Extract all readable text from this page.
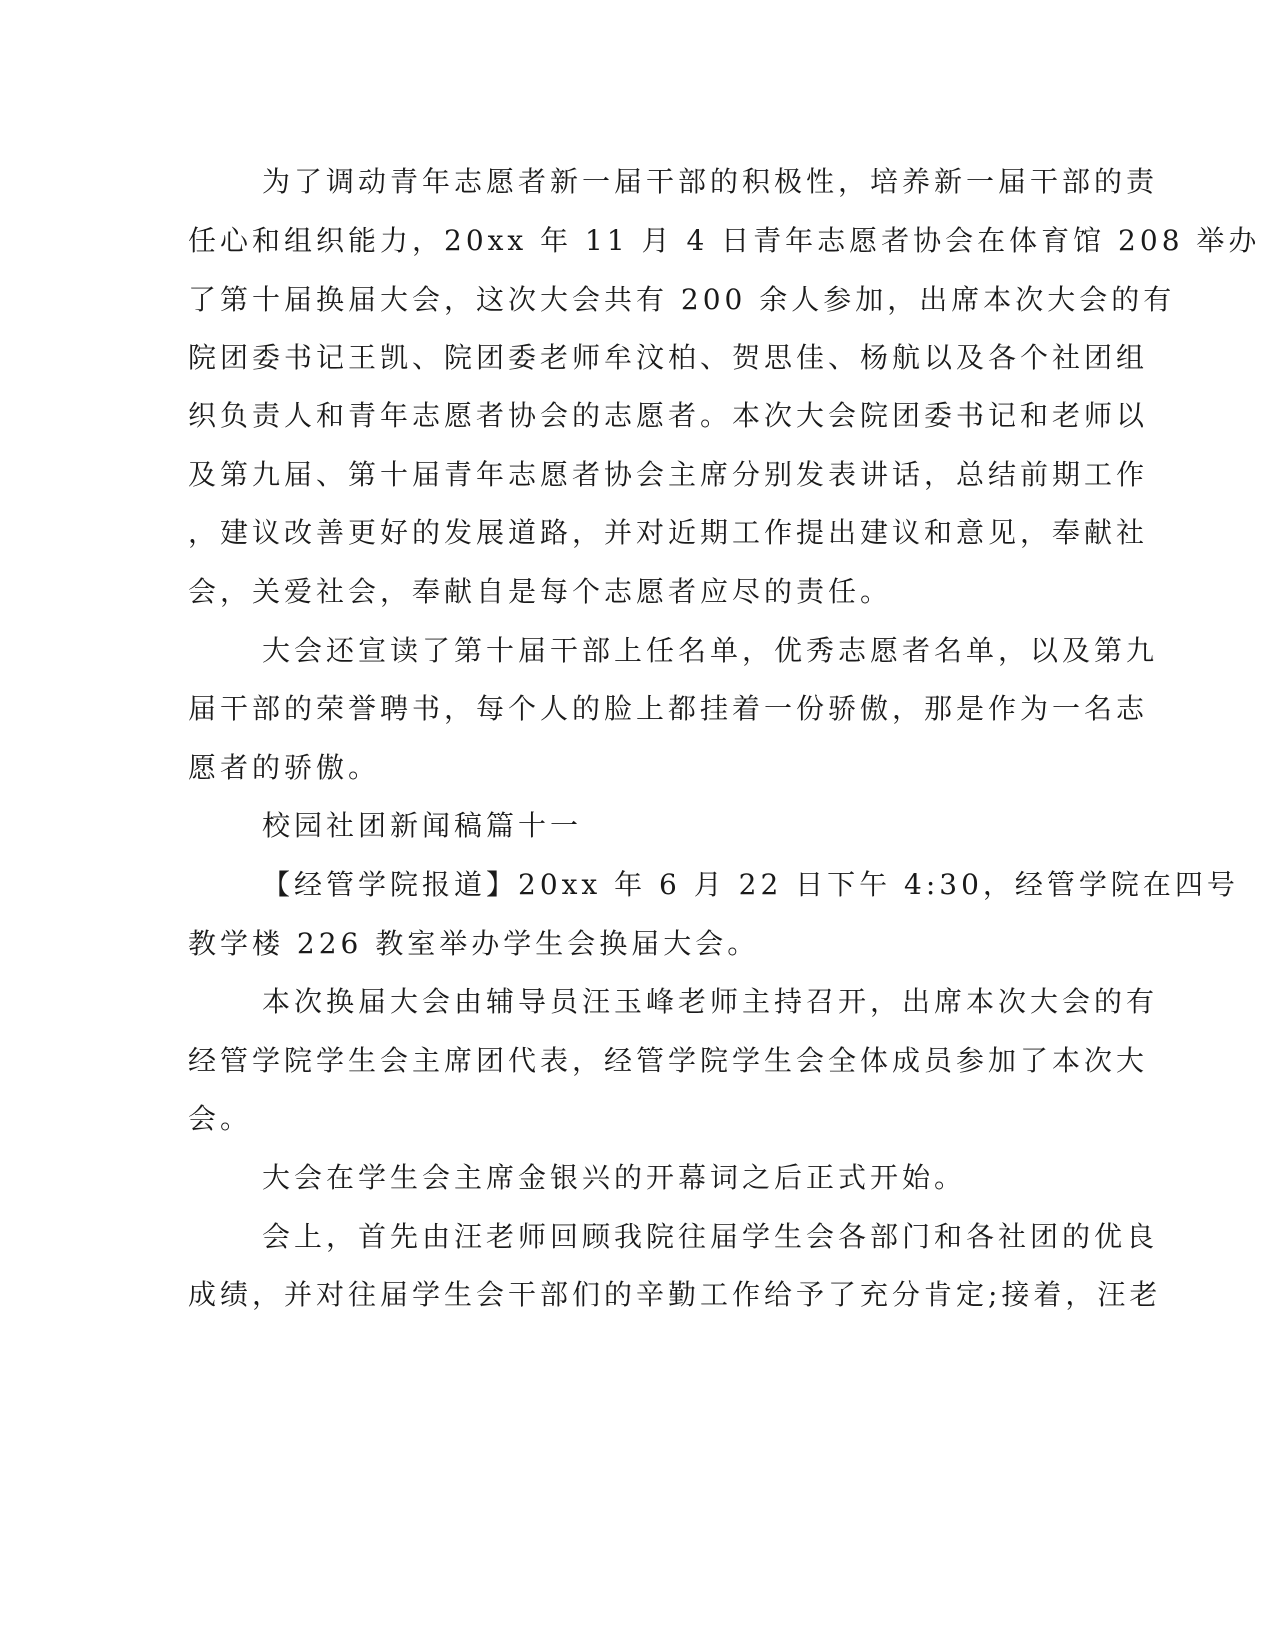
为了调动青年志愿者新一届干部的积极性，培养新一届干部的责
任心和组织能力，20xx 年 11 月 4 日青年志愿者协会在体育馆 208 举办
了第十届换届大会，这次大会共有 200 余人参加，出席本次大会的有
院团委书记王凯、院团委老师牟汶柏、贺思佳、杨航以及各个社团组
织负责人和青年志愿者协会的志愿者。本次大会院团委书记和老师以
及第九届、第十届青年志愿者协会主席分别发表讲话，总结前期工作
，建议改善更好的发展道路，并对近期工作提出建议和意见，奉献社
会，关爱社会，奉献自是每个志愿者应尽的责任。
大会还宣读了第十届干部上任名单，优秀志愿者名单，以及第九
届干部的荣誉聘书，每个人的脸上都挂着一份骄傲，那是作为一名志
愿者的骄傲。
校园社团新闻稿篇十一
【经管学院报道】20xx 年 6 月 22 日下午 4:30，经管学院在四号
教学楼 226 教室举办学生会换届大会。
本次换届大会由辅导员汪玉峰老师主持召开，出席本次大会的有
经管学院学生会主席团代表，经管学院学生会全体成员参加了本次大
会。
大会在学生会主席金银兴的开幕词之后正式开始。
会上，首先由汪老师回顾我院往届学生会各部门和各社团的优良
成绩，并对往届学生会干部们的辛勤工作给予了充分肯定;接着，汪老
